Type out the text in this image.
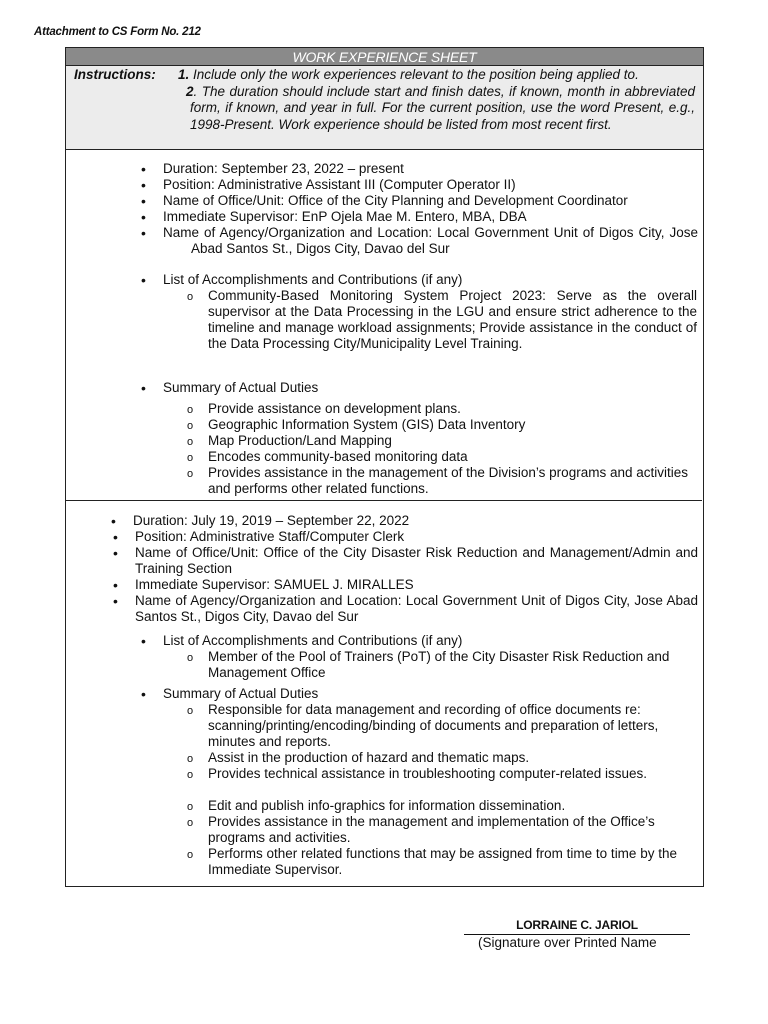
Attachment to CS Form No. 212
WORK EXPERIENCE SHEET
Instructions: 1. Include only the work experiences relevant to the position being applied to.
2. The duration should include start and finish dates, if known, month in abbreviated form, if known, and year in full. For the current position, use the word Present, e.g., 1998-Present. Work experience should be listed from most recent first.
• Duration: September 23, 2022 – present
• Position: Administrative Assistant III (Computer Operator II)
• Name of Office/Unit: Office of the City Planning and Development Coordinator
• Immediate Supervisor: EnP Ojela Mae M. Entero, MBA, DBA
• Name of Agency/Organization and Location: Local Government Unit of Digos City, Jose Abad Santos St., Digos City, Davao del Sur
• List of Accomplishments and Contributions (if any)
o Community-Based Monitoring System Project 2023: Serve as the overall supervisor at the Data Processing in the LGU and ensure strict adherence to the timeline and manage workload assignments; Provide assistance in the conduct of the Data Processing City/Municipality Level Training.
• Summary of Actual Duties
o Provide assistance on development plans.
o Geographic Information System (GIS) Data Inventory
o Map Production/Land Mapping
o Encodes community-based monitoring data
o Provides assistance in the management of the Division’s programs and activities and performs other related functions.
• Duration: July 19, 2019 – September 22, 2022
• Position: Administrative Staff/Computer Clerk
• Name of Office/Unit: Office of the City Disaster Risk Reduction and Management/Admin and Training Section
• Immediate Supervisor: SAMUEL J. MIRALLES
• Name of Agency/Organization and Location: Local Government Unit of Digos City, Jose Abad Santos St., Digos City, Davao del Sur
• List of Accomplishments and Contributions (if any)
o Member of the Pool of Trainers (PoT) of the City Disaster Risk Reduction and Management Office
• Summary of Actual Duties
o Responsible for data management and recording of office documents re: scanning/printing/encoding/binding of documents and preparation of letters, minutes and reports.
o Assist in the production of hazard and thematic maps.
o Provides technical assistance in troubleshooting computer-related issues.
o Edit and publish info-graphics for information dissemination.
o Provides assistance in the management and implementation of the Office’s programs and activities.
o Performs other related functions that may be assigned from time to time by the Immediate Supervisor.
LORRAINE C. JARIOL
(Signature over Printed Name
